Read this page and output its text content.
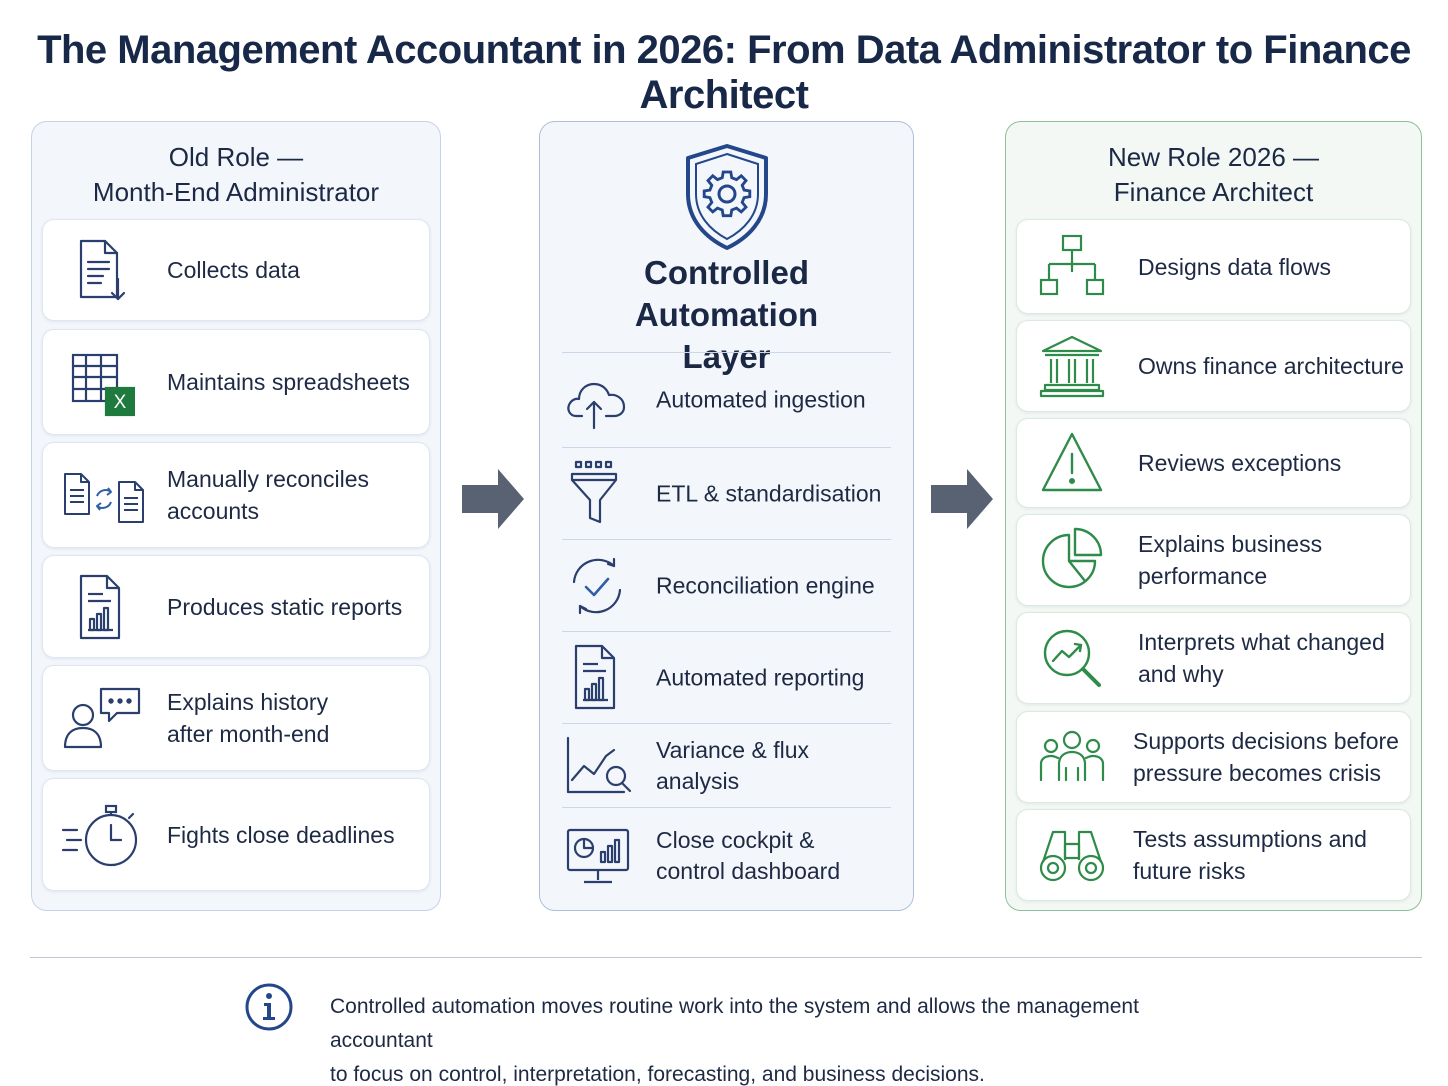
The Management Accountant in 2026: From Data Administrator to Finance Architect
Old Role —
Month-End Administrator
Collects data
X
Maintains spreadsheets
Manually reconciles accounts
Produces static reports
Explains history after month-end
Fights close deadlines
Controlled Automation Layer
Automated ingestion
ETL & standardisation
Reconciliation engine
Automated reporting
Variance & flux analysis
Close cockpit & control dashboard
New Role 2026 —
Finance Architect
Designs data flows
Owns finance architecture
Reviews exceptions
Explains business performance
Interprets what changed and why
Supports decisions before pressure becomes crisis
Tests assumptions and future risks
Controlled automation moves routine work into the system and allows the management accountant
to focus on control, interpretation, forecasting, and business decisions.
